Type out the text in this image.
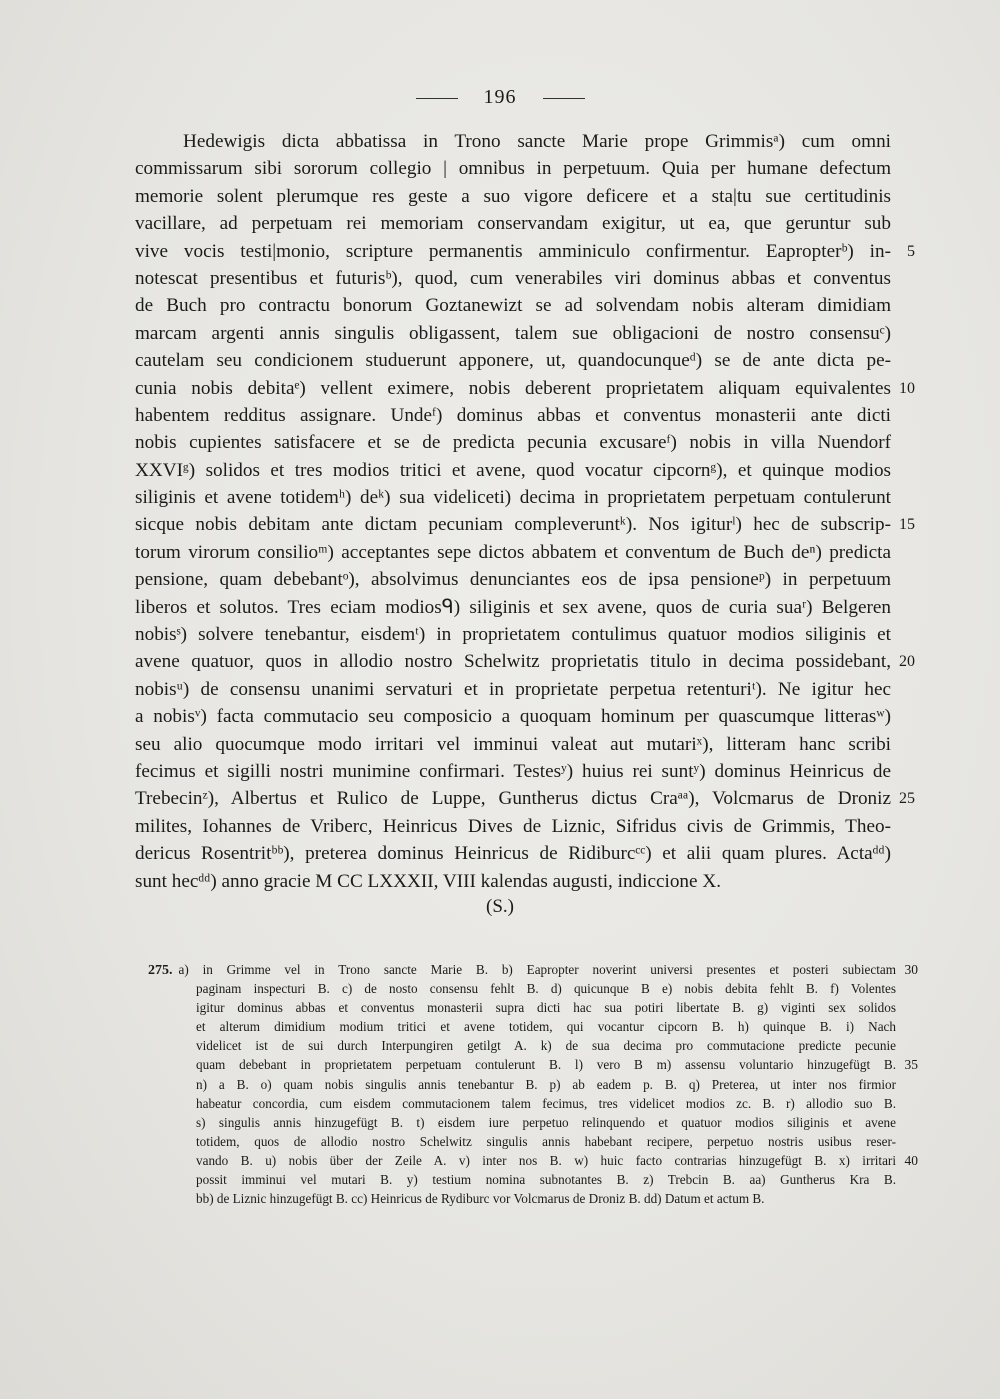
196
Hedewigis dicta abbatissa in Trono sancte Marie prope Grimmisᵃ) cum omni
commissarum sibi sororum collegio | omnibus in perpetuum. Quia per humane defectum
memorie solent plerumque res geste a suo vigore deficere et a sta|tu sue certitudinis
vacillare, ad perpetuam rei memoriam conservandam exigitur, ut ea, que geruntur sub
vive vocis testi|monio, scripture permanentis amminiculo confirmentur. Eapropterᵇ) in- 5
notescat presentibus et futurisᵇ), quod, cum venerabiles viri dominus abbas et conventus
de Buch pro contractu bonorum Goztanewizt se ad solvendam nobis alteram dimidiam
marcam argenti annis singulis obligassent, talem sue obligacioni de nostro consensuᶜ)
cautelam seu condicionem studuerunt apponere, ut, quandocunqueᵈ) se de ante dicta pe-
cunia nobis debitaᵉ) vellent eximere, nobis deberent proprietatem aliquam equivalentes 10
habentem redditus assignare. Undeᶠ) dominus abbas et conventus monasterii ante dicti
nobis cupientes satisfacere et se de predicta pecunia excusareᶠ) nobis in villa Nuendorf
XXVIᵍ) solidos et tres modios tritici et avene, quod vocatur cipcornᵍ), et quinque modios
siliginis et avene totidemʰ) deᵏ) sua videliceti) decima in proprietatem perpetuam contulerunt
sicque nobis debitam ante dictam pecuniam compleveruntᵏ). Nos igiturˡ) hec de subscrip- 15
torum virorum consilioᵐ) acceptantes sepe dictos abbatem et conventum de Buch deⁿ) predicta
pensione, quam debebantᵒ), absolvimus denunciantes eos de ipsa pensioneᵖ) in perpetuum
liberos et solutos. Tres eciam modiosᑫ) siliginis et sex avene, quos de curia suaʳ) Belgeren
nobisˢ) solvere tenebantur, eisdemᵗ) in proprietatem contulimus quatuor modios siliginis et
avene quatuor, quos in allodio nostro Schelwitz proprietatis titulo in decima possidebant, 20
nobisᵘ) de consensu unanimi servaturi et in proprietate perpetua retenturiᵗ). Ne igitur hec
a nobisᵛ) facta commutacio seu composicio a quoquam hominum per quascumque litterasʷ)
seu alio quocumque modo irritari vel imminui valeat aut mutariˣ), litteram hanc scribi
fecimus et sigilli nostri munimine confirmari. Testesʸ) huius rei suntʸ) dominus Heinricus de
Trebecinᶻ), Albertus et Rulico de Luppe, Guntherus dictus Craᵃᵃ), Volcmarus de Droniz 25
milites, Iohannes de Vriberc, Heinricus Dives de Liznic, Sifridus civis de Grimmis, Theo-
dericus Rosentritᵇᵇ), preterea dominus Heinricus de Ridiburcᶜᶜ) et alii quam plures. Actaᵈᵈ)
sunt hecᵈᵈ) anno gracie M CC LXXXII, VIII kalendas augusti, indiccione X.
(S.)
275. a) in Grimme vel in Trono sancte Marie B. b) Eapropter noverint universi presentes et posteri subiectam 30
paginam inspecturi B. c) de nosto consensu fehlt B. d) quicunque B e) nobis debita fehlt B. f) Volentes
igitur dominus abbas et conventus monasterii supra dicti hac sua potiri libertate B. g) viginti sex solidos
et alterum dimidium modium tritici et avene totidem, qui vocantur cipcorn B. h) quinque B. i) Nach
videlicet ist de sui durch Interpungiren getilgt A. k) de sua decima pro commutacione predicte pecunie
quam debebant in proprietatem perpetuam contulerunt B. l) vero B m) assensu voluntario hinzugefügt B. 35
n) a B. o) quam nobis singulis annis tenebantur B. p) ab eadem p. B. q) Preterea, ut inter nos firmior
habeatur concordia, cum eisdem commutacionem talem fecimus, tres videlicet modios zc. B. r) allodio suo B.
s) singulis annis hinzugefügt B. t) eisdem iure perpetuo relinquendo et quatuor modios siliginis et avene
totidem, quos de allodio nostro Schelwitz singulis annis habebant recipere, perpetuo nostris usibus reser-
vando B. u) nobis über der Zeile A. v) inter nos B. w) huic facto contrarias hinzugefügt B. x) irritari 40
possit imminui vel mutari B. y) testium nomina subnotantes B. z) Trebcin B. aa) Guntherus Kra B.
bb) de Liznic hinzugefügt B. cc) Heinricus de Rydiburc vor Volcmarus de Droniz B. dd) Datum et actum B.
